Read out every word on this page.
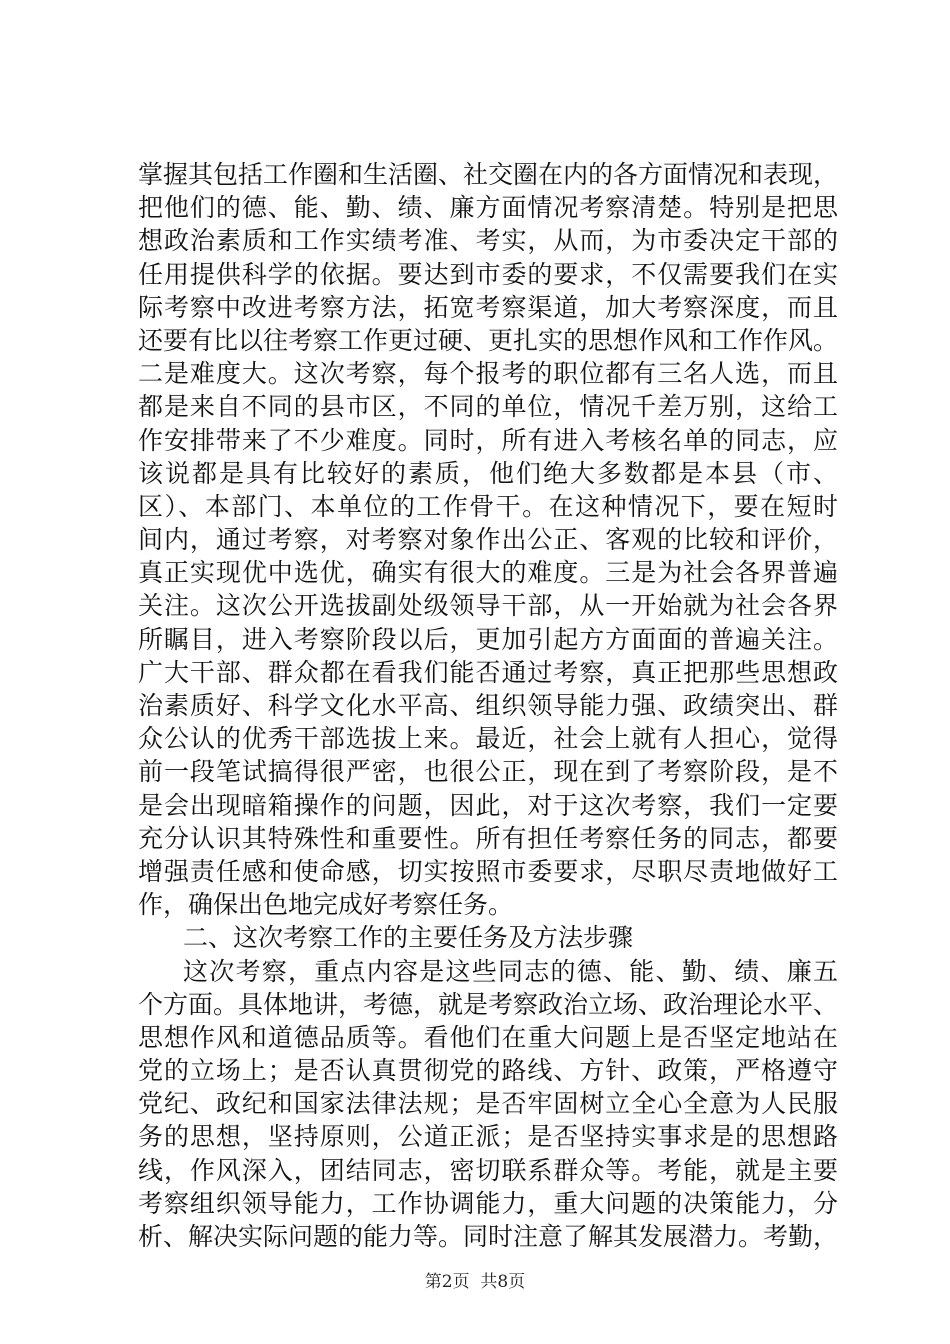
掌握其包括工作圈和生活圈、社交圈在内的各方面情况和表现，
把他们的德、能、勤、绩、廉方面情况考察清楚。特别是把思
想政治素质和工作实绩考准、考实，从而，为市委决定干部的
任用提供科学的依据。要达到市委的要求，不仅需要我们在实
际考察中改进考察方法，拓宽考察渠道，加大考察深度，而且
还要有比以往考察工作更过硬、更扎实的思想作风和工作作风。
二是难度大。这次考察，每个报考的职位都有三名人选，而且
都是来自不同的县市区，不同的单位，情况千差万别，这给工
作安排带来了不少难度。同时，所有进入考核名单的同志，应
该说都是具有比较好的素质，他们绝大多数都是本县（市、
区）、本部门、本单位的工作骨干。在这种情况下，要在短时
间内，通过考察，对考察对象作出公正、客观的比较和评价，
真正实现优中选优，确实有很大的难度。三是为社会各界普遍
关注。这次公开选拔副处级领导干部，从一开始就为社会各界
所瞩目，进入考察阶段以后，更加引起方方面面的普遍关注。
广大干部、群众都在看我们能否通过考察，真正把那些思想政
治素质好、科学文化水平高、组织领导能力强、政绩突出、群
众公认的优秀干部选拔上来。最近，社会上就有人担心，觉得
前一段笔试搞得很严密，也很公正，现在到了考察阶段，是不
是会出现暗箱操作的问题，因此，对于这次考察，我们一定要
充分认识其特殊性和重要性。所有担任考察任务的同志，都要
增强责任感和使命感，切实按照市委要求，尽职尽责地做好工
作，确保出色地完成好考察任务。
二、这次考察工作的主要任务及方法步骤
这次考察，重点内容是这些同志的德、能、勤、绩、廉五
个方面。具体地讲，考德，就是考察政治立场、政治理论水平、
思想作风和道德品质等。看他们在重大问题上是否坚定地站在
党的立场上；是否认真贯彻党的路线、方针、政策，严格遵守
党纪、政纪和国家法律法规；是否牢固树立全心全意为人民服
务的思想，坚持原则，公道正派；是否坚持实事求是的思想路
线，作风深入，团结同志，密切联系群众等。考能，就是主要
考察组织领导能力，工作协调能力，重大问题的决策能力，分
析、解决实际问题的能力等。同时注意了解其发展潜力。考勤，
第2页  共8页
